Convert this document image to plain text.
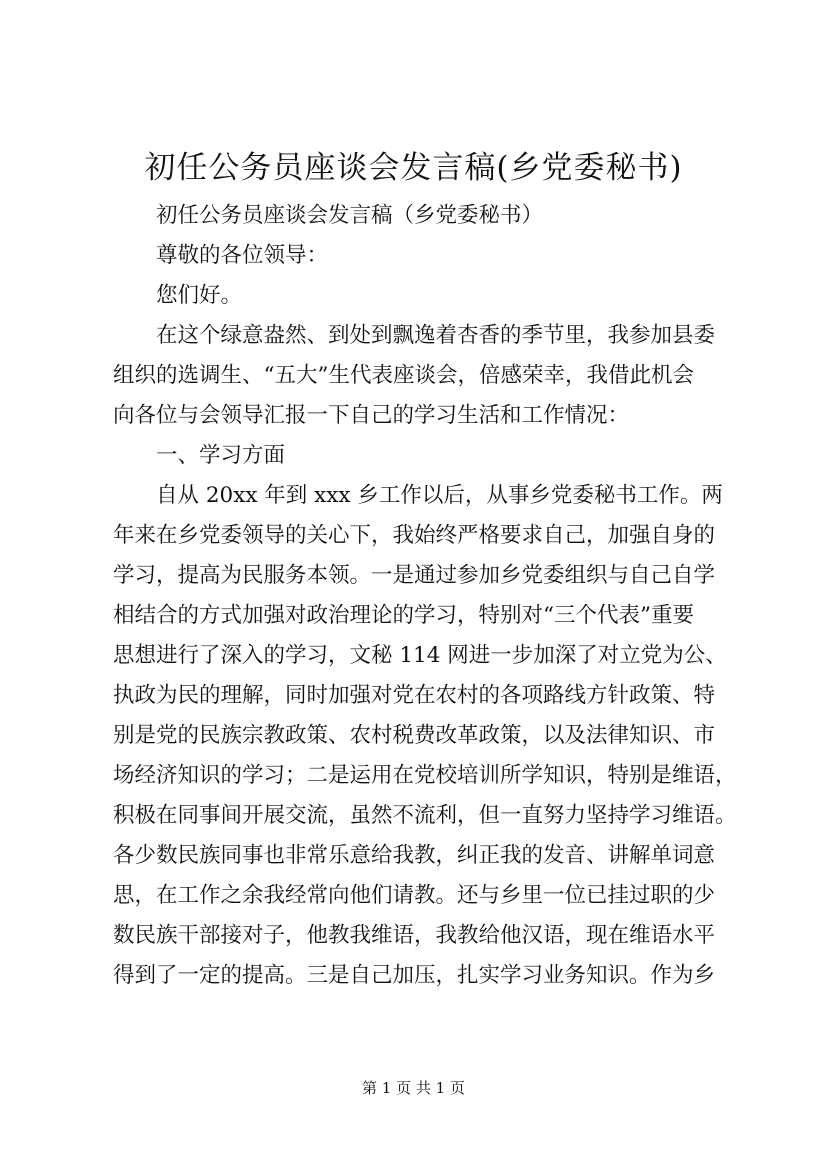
初任公务员座谈会发言稿(乡党委秘书)
初任公务员座谈会发言稿（乡党委秘书）
尊敬的各位领导：
您们好。
在这个绿意盎然、到处到飘逸着杏香的季节里，我参加县委
组织的选调生、“五大”生代表座谈会，倍感荣幸，我借此机会
向各位与会领导汇报一下自己的学习生活和工作情况：
一、学习方面
自从 20xx 年到 xxx 乡工作以后，从事乡党委秘书工作。两
年来在乡党委领导的关心下，我始终严格要求自己，加强自身的
学习，提高为民服务本领。一是通过参加乡党委组织与自己自学
相结合的方式加强对政治理论的学习，特别对“三个代表”重要
思想进行了深入的学习，文秘 114 网进一步加深了对立党为公、
执政为民的理解，同时加强对党在农村的各项路线方针政策、特
别是党的民族宗教政策、农村税费改革政策，以及法律知识、市
场经济知识的学习；二是运用在党校培训所学知识，特别是维语，
积极在同事间开展交流，虽然不流利，但一直努力坚持学习维语。
各少数民族同事也非常乐意给我教，纠正我的发音、讲解单词意
思，在工作之余我经常向他们请教。还与乡里一位已挂过职的少
数民族干部接对子，他教我维语，我教给他汉语，现在维语水平
得到了一定的提高。三是自己加压，扎实学习业务知识。作为乡
第 1 页 共 1 页
